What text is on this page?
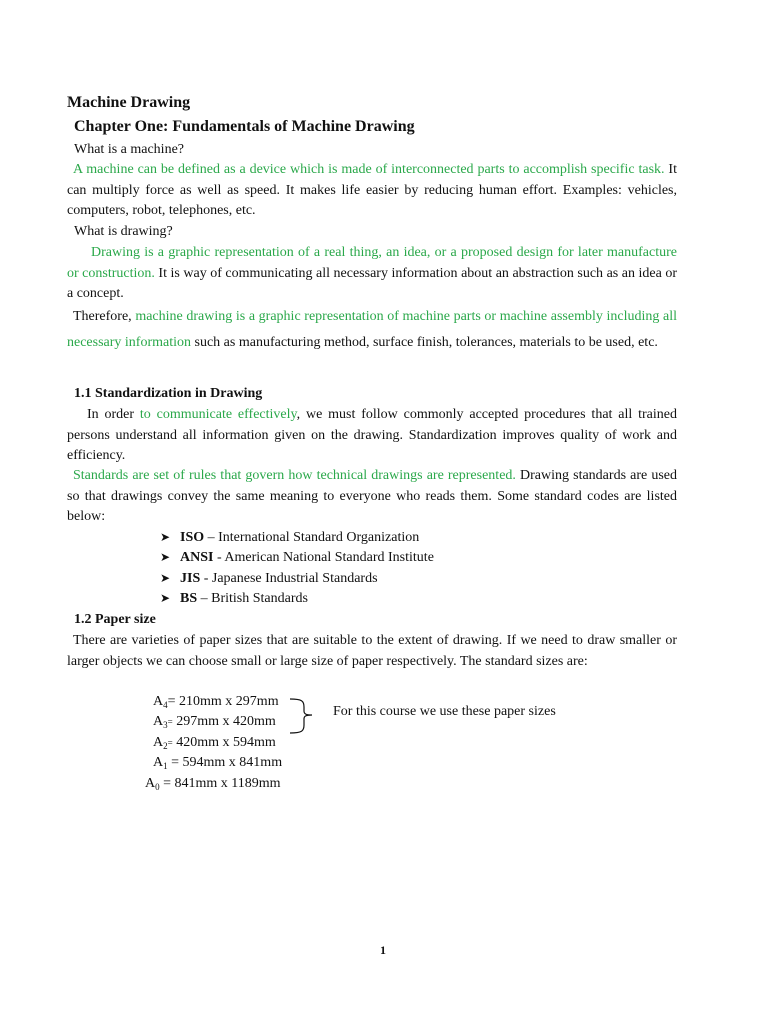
Machine Drawing
Chapter One: Fundamentals of Machine Drawing
What is a machine?
A machine can be defined as a device which is made of interconnected parts to accomplish specific task. It can multiply force as well as speed. It makes life easier by reducing human effort. Examples: vehicles, computers, robot, telephones, etc.
What is drawing?
Drawing is a graphic representation of a real thing, an idea, or a proposed design for later manufacture or construction. It is way of communicating all necessary information about an abstraction such as an idea or a concept.
Therefore, machine drawing is a graphic representation of machine parts or machine assembly including all necessary information such as manufacturing method, surface finish, tolerances, materials to be used, etc.
1.1 Standardization in Drawing
In order to communicate effectively, we must follow commonly accepted procedures that all trained persons understand all information given on the drawing. Standardization improves quality of work and efficiency.
Standards are set of rules that govern how technical drawings are represented. Drawing standards are used so that drawings convey the same meaning to everyone who reads them. Some standard codes are listed below:
➤ ISO – International Standard Organization
➤ ANSI - American National Standard Institute
➤ JIS - Japanese Industrial Standards
➤ BS – British Standards
1.2 Paper size
There are varieties of paper sizes that are suitable to the extent of drawing. If we need to draw smaller or larger objects we can choose small or large size of paper respectively. The standard sizes are:
$A_4= 210mm$ x 297mm
$A_3= 297mm$ x 420mm
$A_2= 420mm$ x 594mm
$A_1 = 594mm$ x 841mm
$A_0 = 841mm$ x 1189mm
For this course we use these paper sizes
1
